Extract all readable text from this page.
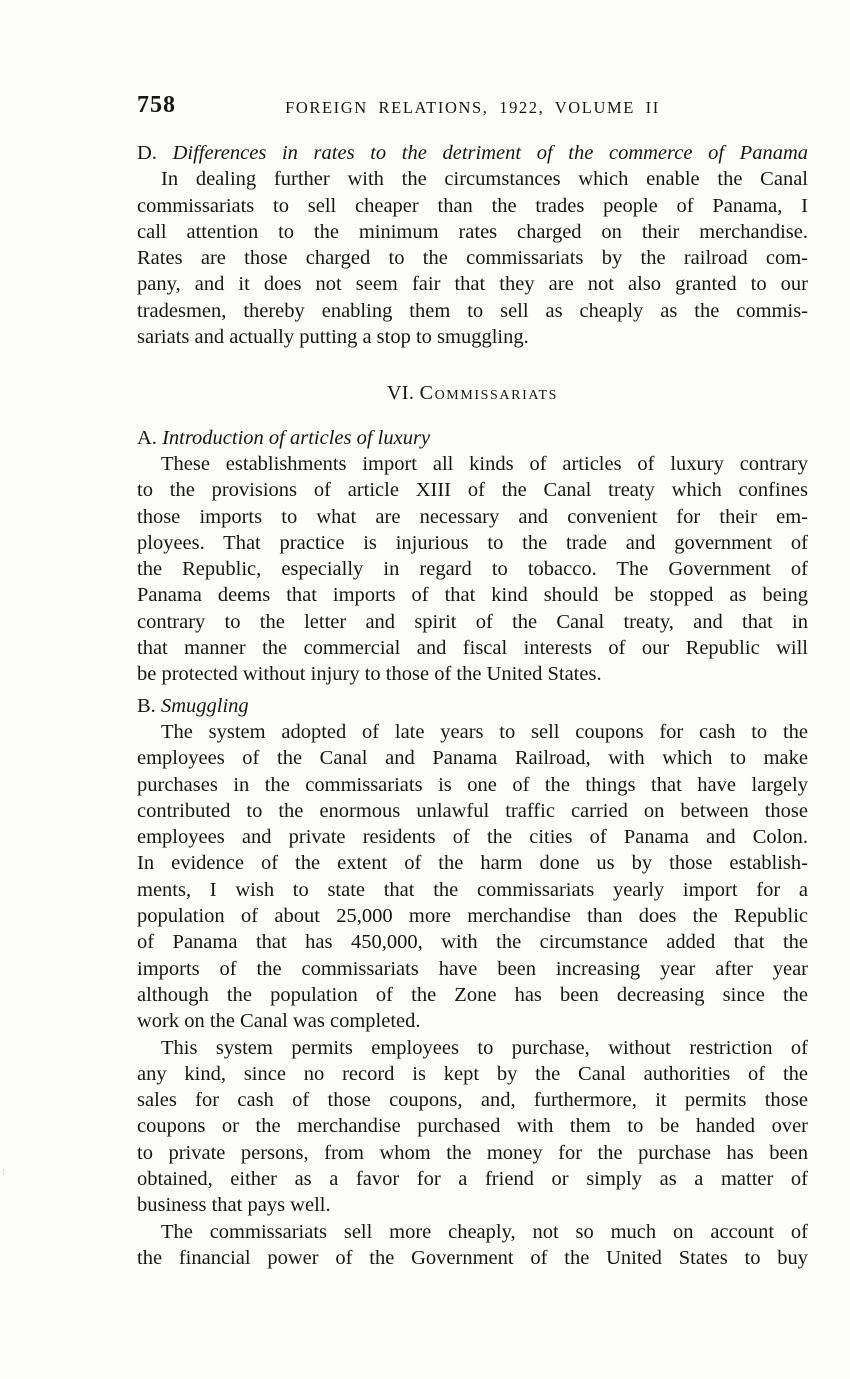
758	FOREIGN RELATIONS, 1922, VOLUME II
D. Differences in rates to the detriment of the commerce of Panama
In dealing further with the circumstances which enable the Canal
commissariats to sell cheaper than the trades people of Panama, I
call attention to the minimum rates charged on their merchandise.
Rates are those charged to the commissariats by the railroad com-
pany, and it does not seem fair that they are not also granted to our
tradesmen, thereby enabling them to sell as cheaply as the commis-
sariats and actually putting a stop to smuggling.
VI. Commissariats
A. Introduction of articles of luxury
These establishments import all kinds of articles of luxury contrary
to the provisions of article XIII of the Canal treaty which confines
those imports to what are necessary and convenient for their em-
ployees. That practice is injurious to the trade and government of
the Republic, especially in regard to tobacco. The Government of
Panama deems that imports of that kind should be stopped as being
contrary to the letter and spirit of the Canal treaty, and that in
that manner the commercial and fiscal interests of our Republic will
be protected without injury to those of the United States.
B. Smuggling
The system adopted of late years to sell coupons for cash to the
employees of the Canal and Panama Railroad, with which to make
purchases in the commissariats is one of the things that have largely
contributed to the enormous unlawful traffic carried on between those
employees and private residents of the cities of Panama and Colon.
In evidence of the extent of the harm done us by those establish-
ments, I wish to state that the commissariats yearly import for a
population of about 25,000 more merchandise than does the Republic
of Panama that has 450,000, with the circumstance added that the
imports of the commissariats have been increasing year after year
although the population of the Zone has been decreasing since the
work on the Canal was completed.
This system permits employees to purchase, without restriction of
any kind, since no record is kept by the Canal authorities of the
sales for cash of those coupons, and, furthermore, it permits those
coupons or the merchandise purchased with them to be handed over
to private persons, from whom the money for the purchase has been
obtained, either as a favor for a friend or simply as a matter of
business that pays well.
The commissariats sell more cheaply, not so much on account of
the financial power of the Government of the United States to buy
:
